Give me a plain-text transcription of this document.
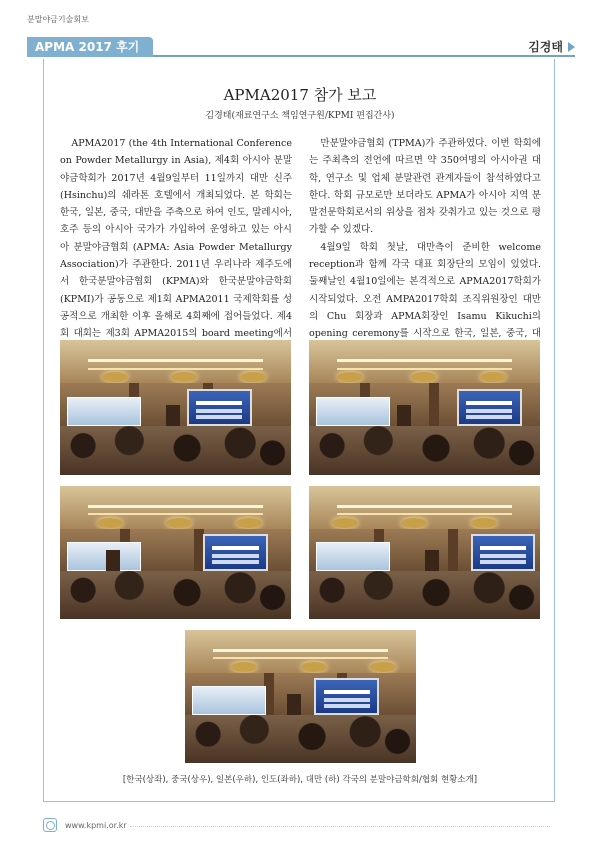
분말야금기술회보
APMA 2017 후기	김경태
APMA2017 참가 보고
김경태(재료연구소 책임연구원/KPMI 편집간사)

APMA2017 (the 4th International Conference on Powder Metallurgy in Asia), 제4회 아시아 분말야금학회가 2017년 4월9일부터 11일까지 대만 신주 (Hsinchu)의 쉐라톤 호텔에서 개최되었다. 본 학회는 한국, 일본, 중국, 대만을 주축으로 하여 인도, 말레시아, 호주 등의 아시아 국가가 가입하여 운영하고 있는 아시아 분말야금협회 (APMA: Asia Powder Metallurgy Association)가 주관한다. 2011년 우리나라 제주도에서 한국분말야금협회 (KPMA)와 한국분말야금학회(KPMI)가 공동으로 제1회 APMA2011 국제학회를 성공적으로 개최한 이후 올해로 4회째에 접어들었다. 제4회 대회는 제3회 APMA2015의 board meeting에서

만분말야금협회 (TPMA)가 주관하였다. 이번 학회에는 주최측의 전언에 따르면 약 350여명의 아시아권 대학, 연구소 및 업체 분말관련 관계자들이 참석하였다고 한다. 학회 규모로만 보더라도 APMA가 아시아 지역 분말전문학회로서의 위상을 점차 갖춰가고 있는 것으로 평가할 수 있겠다.

4월9일 학회 첫날, 대만측이 준비한 welcome reception과 함께 각국 대표 회장단의 모임이 있었다. 둘째날인 4월10일에는 본격적으로 APMA2017학회가 시작되었다. 오전 AMPA2017학회 조직위원장인 대만의 Chu 회장과 APMA회장인 Isamu Kikuchi의 opening ceremony를 시작으로 한국, 일본, 중국, 대

[한국(상좌), 중국(상우), 일본(우하), 인도(좌하), 대만 (하) 각국의 분말야금학회/협회 현황소개]
www.kpmi.or.kr
